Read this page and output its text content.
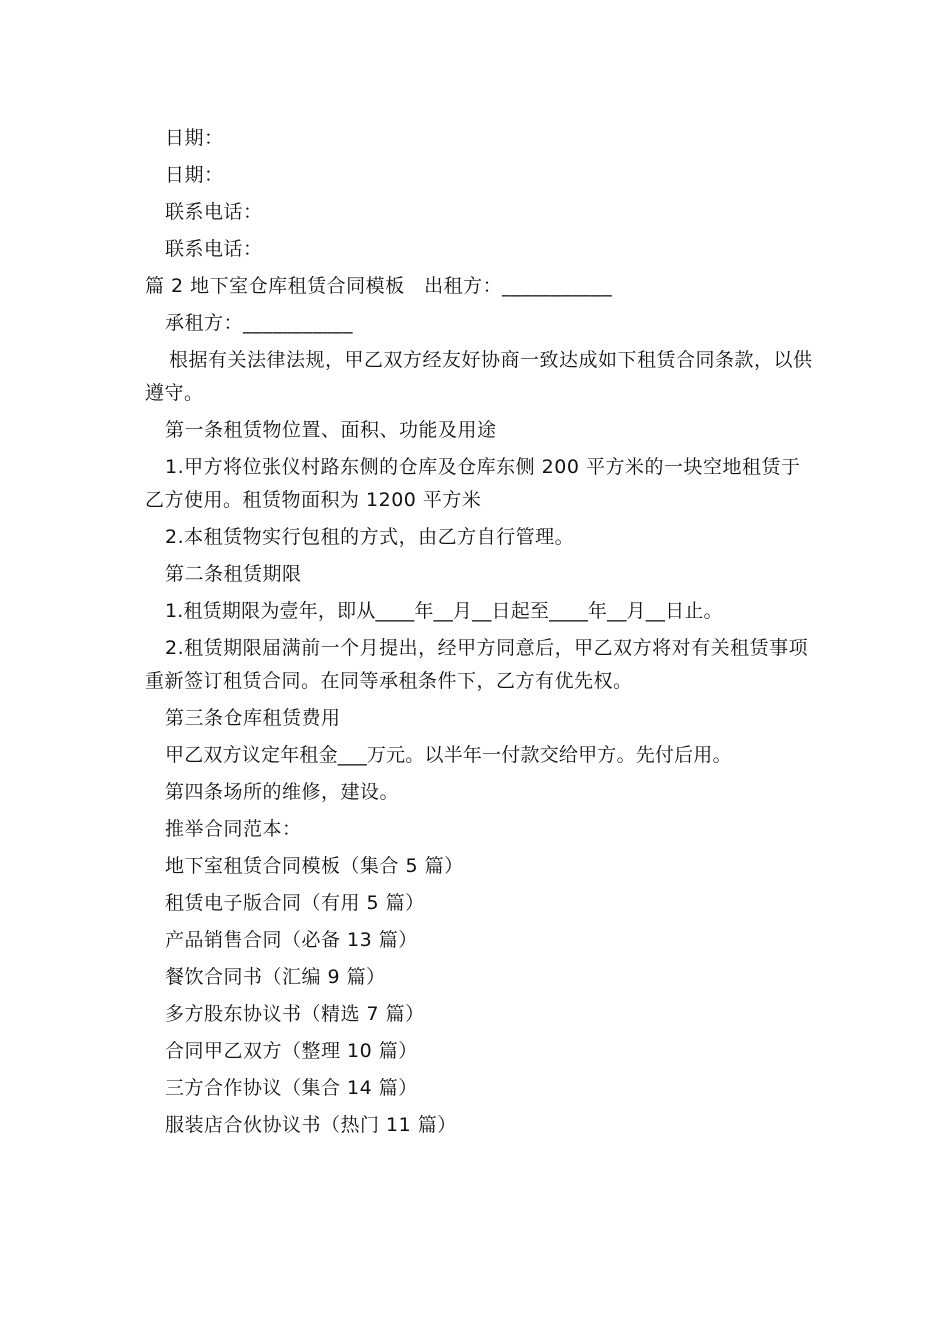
日期：
日期：
联系电话：
联系电话：
篇 2 地下室仓库租赁合同模板　出租方：___________
承租方：___________
根据有关法律法规，甲乙双方经友好协商一致达成如下租赁合同条款，以供遵守。
第一条租赁物位置、面积、功能及用途
1.甲方将位张仪村路东侧的仓库及仓库东侧 200 平方米的一块空地租赁于乙方使用。租赁物面积为 1200 平方米
2.本租赁物实行包租的方式，由乙方自行管理。
第二条租赁期限
1.租赁期限为壹年，即从____年__月__日起至____年__月__日止。
2.租赁期限届满前一个月提出，经甲方同意后，甲乙双方将对有关租赁事项重新签订租赁合同。在同等承租条件下，乙方有优先权。
第三条仓库租赁费用
甲乙双方议定年租金___万元。以半年一付款交给甲方。先付后用。
第四条场所的维修，建设。
推举合同范本：
地下室租赁合同模板（集合 5 篇）
租赁电子版合同（有用 5 篇）
产品销售合同（必备 13 篇）
餐饮合同书（汇编 9 篇）
多方股东协议书（精选 7 篇）
合同甲乙双方（整理 10 篇）
三方合作协议（集合 14 篇）
服装店合伙协议书（热门 11 篇）
